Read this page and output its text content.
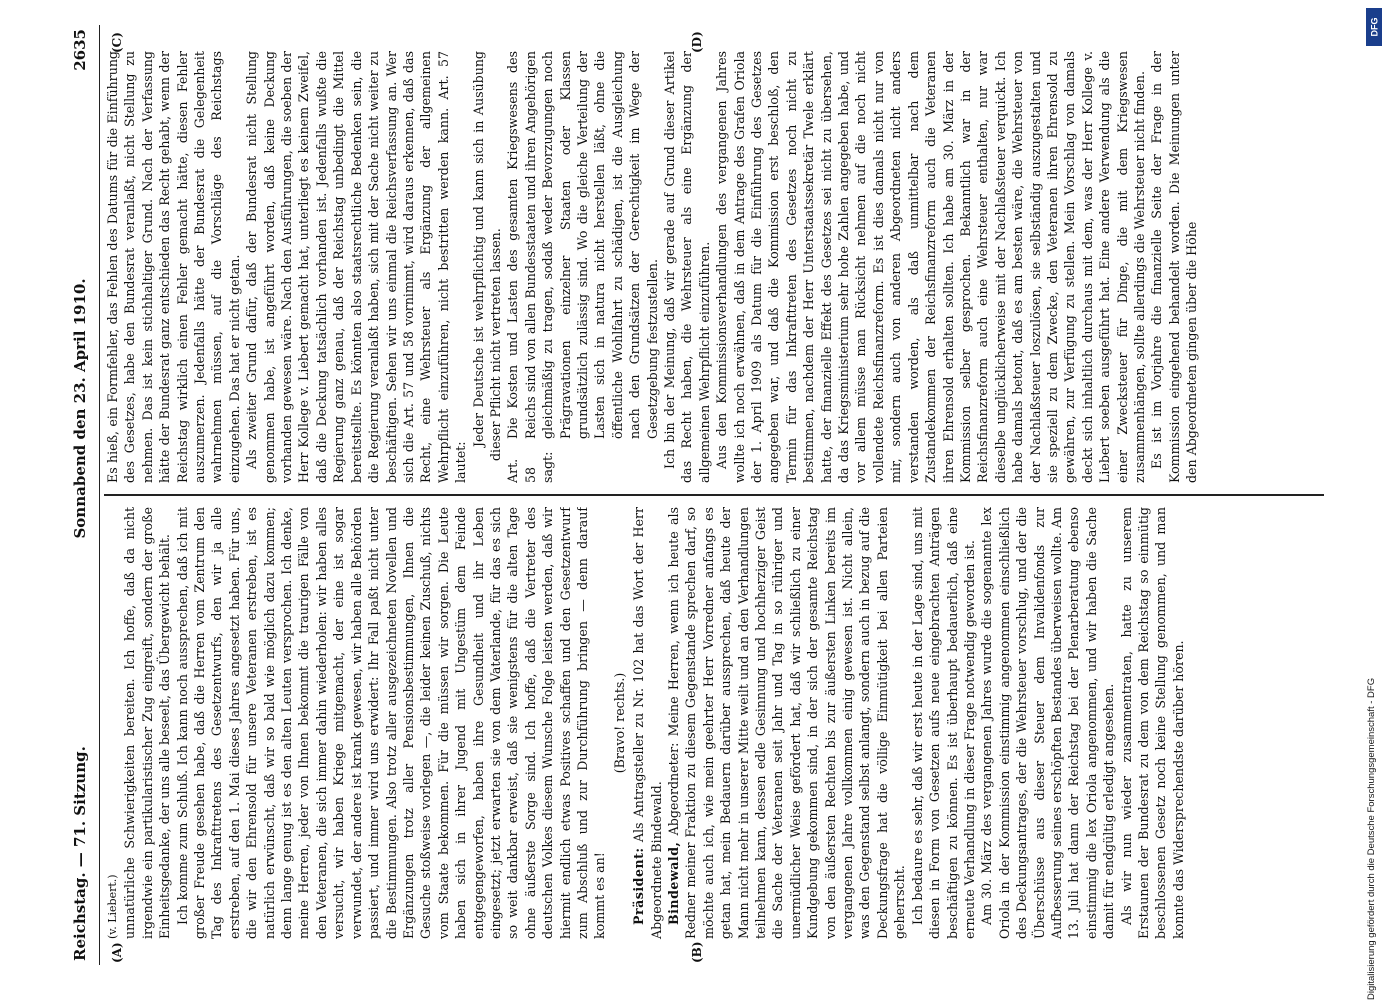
Reichstag. — 71. Sitzung.
Sonnabend den 23. April 1910.
2635
(v. Liebert.) unnatürliche Schwierigkeiten bereiten. Ich hoffe, daß da nicht irgendwie ein partikularistischer Zug eingreift, sondern der große Einheitsgedanke, der uns alle beseelt, das Übergewicht behält. Ich komme zum Schluß. Ich kann noch aussprechen, daß ich mit großer Freude gesehen habe, daß die Herren vom Zentrum den Tag des Inkrafttretens des Gesetzentwurfs, den wir ja alle erstreben, auf den 1. Mai dieses Jahres angesetzt haben. Für uns, die wir den Ehrensold für unsere Veteranen erstreben, ist es natürlich erwünscht, daß wir so bald wie möglich dazu kommen; denn lange genug ist es den alten Leuten versprochen. Ich denke, meine Herren, jeder von Ihnen bekommt die traurigen Fälle von den Veteranen, die sich immer dahin wiederholen: wir haben alles versucht, wir haben Kriege mitgemacht, der eine ist sogar verwundet, der andere ist krank gewesen, wir haben alle Behörden passiert, und immer wird uns erwidert: Ihr Fall paßt nicht unter die Bestimmungen. Also trotz aller ausgezeichneten Novellen und Ergänzungen trotz aller Pensionsbestimmungen, Ihnen die Gesuche stoßweise vorlegen —, die leider keinen Zuschuß, nichts vom Staate bekommen. Für die müssen wir sorgen. Die Leute haben sich in ihrer Jugend mit Ungestüm dem Feinde entgegengeworfen, haben ihre Gesundheit und ihr Leben eingesetzt; jetzt erwarten sie von dem Vaterlande, für das es sich so weit dankbar erweist, daß sie wenigstens für die alten Tage ohne äußerste Sorge sind. Ich hoffe, daß die Vertreter des deutschen Volkes diesem Wunsche Folge leisten werden, daß wir hiermit endlich etwas Positives schaffen und den Gesetzentwurf zum Abschluß und zur Durchführung bringen — denn darauf kommt es an!

(Bravo! rechts.)

Präsident: Als Antragsteller zu Nr. 102 hat das Wort der Herr Abgeordnete Bindewald. Bindewald, Abgeordneter: Meine Herren, wenn ich heute als Redner meiner Fraktion zu diesem Gegenstande sprechen darf, so möchte auch ich, wie mein geehrter Herr Vorredner anfangs es getan hat, mein Bedauern darüber aussprechen, daß heute der Mann nicht mehr in unserer Mitte weilt und an den Verhandlungen teilnehmen kann, dessen edle Gesinnung und hochherziger Geist die Sache der Veteranen seit Jahr und Tag in so rühriger und unermüdlicher Weise gefördert hat, daß wir schließlich zu einer Kundgebung gekommen sind, in der sich der gesamte Reichstag von den äußersten Rechten bis zur äußersten Linken bereits im vergangenen Jahre vollkommen einig gewesen ist. Nicht allein, was den Gegenstand selbst anlangt, sondern auch in bezug auf die Deckungsfrage hat die völlige Einmütigkeit bei allen Parteien geherrscht. Ich bedaure es sehr, daß wir erst heute in der Lage sind, uns mit diesen in Form von Gesetzen aufs neue eingebrachten Anträgen beschäftigen zu können. Es ist überhaupt bedauerlich, daß eine erneute Verhandlung in dieser Frage notwendig geworden ist. Am 30. März des vergangenen Jahres wurde die sogenannte lex Oriola in der Kommission einstimmig angenommen einschließlich des Deckungsantrages, der die Wehrsteuer vorschlug, und der die Überschüsse aus dieser Steuer dem Invalidenfonds zur Aufbesserung seines erschöpften Bestandes überweisen wollte. Am 13. Juli hat dann der Reichstag bei der Plenarberatung ebenso einstimmig die lex Oriola angenommen, und wir haben die Sache damit für endgültig erledigt angesehen. Als wir nun wieder zusammentraten, hatte zu unserem Erstaunen der Bundesrat zu dem von dem Reichstag so einmütig beschlossenen Gesetz noch keine Stellung genommen, und man konnte das Widersprechendste darüber hören.

Es hieß, ein Formfehler, das Fehlen des Datums für die Einführung des Gesetzes, habe den Bundesrat veranlaßt, nicht Stellung zu nehmen. Das ist kein stichhaltiger Grund. Nach der Verfassung hätte der Bundesrat ganz entschieden das Recht gehabt, wenn der Reichstag wirklich einen Fehler gemacht hätte, diesen Fehler auszumerzen. Jedenfalls hätte der Bundesrat die Gelegenheit wahrnehmen müssen, auf die Vorschläge des Reichstags einzugehen. Das hat er nicht getan. Als zweiter Grund dafür, daß der Bundesrat nicht Stellung genommen habe, ist angeführt worden, daß keine Deckung vorhanden gewesen wäre. Nach den Ausführungen, die soeben der Herr Kollege v. Liebert gemacht hat, unterliegt es keinem Zweifel, daß die Deckung tatsächlich vorhanden ist. Jedenfalls wußte die Regierung ganz genau, daß der Reichstag unbedingt die Mittel bereitstellte. Es könnten also staatsrechtliche Bedenken sein, die die Regierung veranlaßt haben, sich mit der Sache nicht weiter zu beschäftigen. Sehen wir uns einmal die Reichsverfassung an. Wer sich die Art. 57 und 58 vornimmt, wird daraus erkennen, daß das Recht, eine Wehrsteuer als Ergänzung der allgemeinen Wehrpflicht einzuführen, nicht bestritten werden kann. Art. 57 lautet:

Jeder Deutsche ist wehrpflichtig und kann sich in Ausübung dieser Pflicht nicht vertreten lassen.

Art. 58 sagt:
Die Kosten und Lasten des gesamten Kriegswesens des Reichs sind von allen Bundesstaaten und ihren Angehörigen gleichmäßig zu tragen, sodaß weder Bevorzugungen noch Prägravationen einzelner Staaten oder Klassen grundsätzlich zulässig sind. Wo die gleiche Verteilung der Lasten sich in natura nicht herstellen läßt, ohne die öffentliche Wohlfahrt zu schädigen, ist die Ausgleichung nach den Grundsätzen der Gerechtigkeit im Wege der Gesetzgebung festzustellen. Ich bin der Meinung, daß wir gerade auf Grund dieser Artikel das Recht haben, die Wehrsteuer als eine Ergänzung der allgemeinen Wehrpflicht einzuführen. Aus den Kommissionsverhandlungen des vergangenen Jahres wollte ich noch erwähnen, daß in dem Antrage des Grafen Oriola der 1. April 1909 als Datum für die Einführung des Gesetzes angegeben war, und daß die Kommission erst beschloß, den Termin für das Inkrafttreten des Gesetzes noch nicht zu bestimmen, nachdem der Herr Unterstaatssekretär Twele erklärt hatte, der finanzielle Effekt des Gesetzes sei nicht zu übersehen, da das Kriegsministerium sehr hohe Zahlen angegeben habe, und vor allem müsse man Rücksicht nehmen auf die noch nicht vollendete Reichsfinanzreform. Es ist dies damals nicht nur von mir, sondern auch von anderen Abgeordneten nicht anders verstanden worden, als daß unmittelbar nach dem Zustandekommen der Reichsfinanzreform auch die Veteranen ihren Ehrensold erhalten sollten. Ich habe am 30. März in der Kommission selber gesprochen. Bekanntlich war in der Reichsfinanzreform auch eine Wehrsteuer enthalten, nur war dieselbe unglücklicherweise mit der Nachlaßsteuer verquickt. Ich habe damals betont, daß es am besten wäre, die Wehrsteuer von der Nachlaßsteuer loszulösen, sie selbständig auszugestalten und sie speziell zu dem Zwecke, den Veteranen ihren Ehrensold zu gewähren, zur Verfügung zu stellen. Mein Vorschlag von damals deckt sich inhaltlich durchaus mit dem, was der Herr Kollege v. Liebert soeben ausgeführt hat. Eine andere Verwendung als die einer Zwecksteuer für Dinge, die mit dem Kriegswesen zusammenhängen, sollte allerdings die Wehrsteuer nicht finden. Es ist im Vorjahre die finanzielle Seite der Frage in der Kommission eingehend behandelt worden. Die Meinungen unter den Abgeordneten gingen über die Höhe

(A)	(B)
(C)	(D)
DFG
Digitalisierung gefördert durch die Deutsche Forschungsgemeinschaft - DFG
